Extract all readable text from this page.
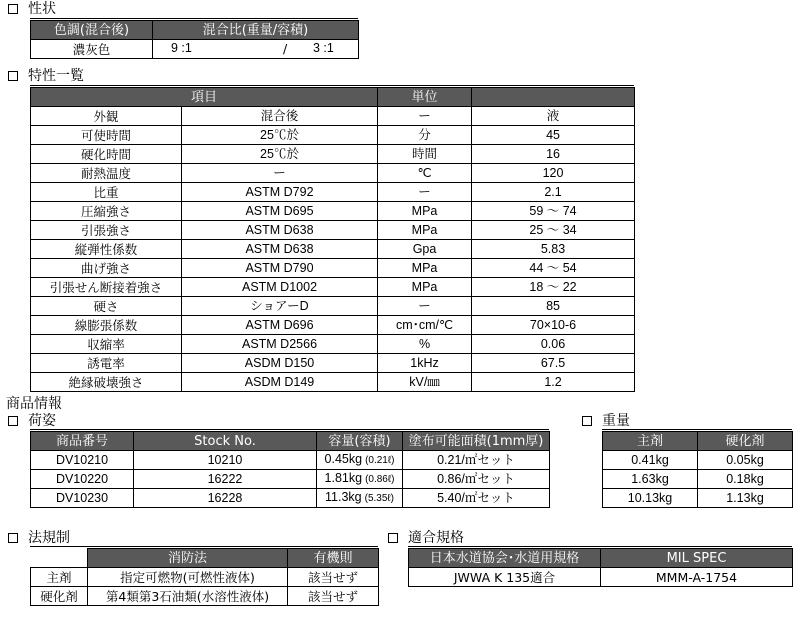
性状
色調(混合後)	混合比(重量/容積)
濃灰色	9 :1 / 3 :1
特性一覧
項目		単位	
外観	混合後	ー	液
可使時間	25℃於	分	45
硬化時間	25℃於	時間	16
耐熱温度	ー	℃	120
比重	ASTM D792	ー	2.1
圧縮強さ	ASTM D695	MPa	59 ～ 74
引張強さ	ASTM D638	MPa	25 ～ 34
縦弾性係数	ASTM D638	Gpa	5.83
曲げ強さ	ASTM D790	MPa	44 ～ 54
引張せん断接着強さ	ASTM D1002	MPa	18 ～ 22
硬さ	ショアーD	ー	85
線膨張係数	ASTM D696	cm･cm/℃	70×10-6
収縮率	ASTM D2566	%	0.06
誘電率	ASDM D150	1kHz	67.5
絶縁破壊強さ	ASDM D149	kV/㎜	1.2
商品情報
荷姿
商品番号	Stock No.	容量(容積)	塗布可能面積(1mm厚)
DV10210	10210	0.45kg (0.21ℓ)	0.21/㎡セット
DV10220	16222	1.81kg (0.86ℓ)	0.86/㎡セット
DV10230	16228	11.3kg (5.35ℓ)	5.40/㎡セット
重量
主剤	硬化剤
0.41kg	0.05kg
1.63kg	0.18kg
10.13kg	1.13kg
法規制
	消防法	有機則
主剤	指定可燃物(可燃性液体)	該当せず
硬化剤	第4類第3石油類(水溶性液体)	該当せず
適合規格
日本水道協会･水道用規格	MIL SPEC
JWWA K 135適合	MMM-A-1754
